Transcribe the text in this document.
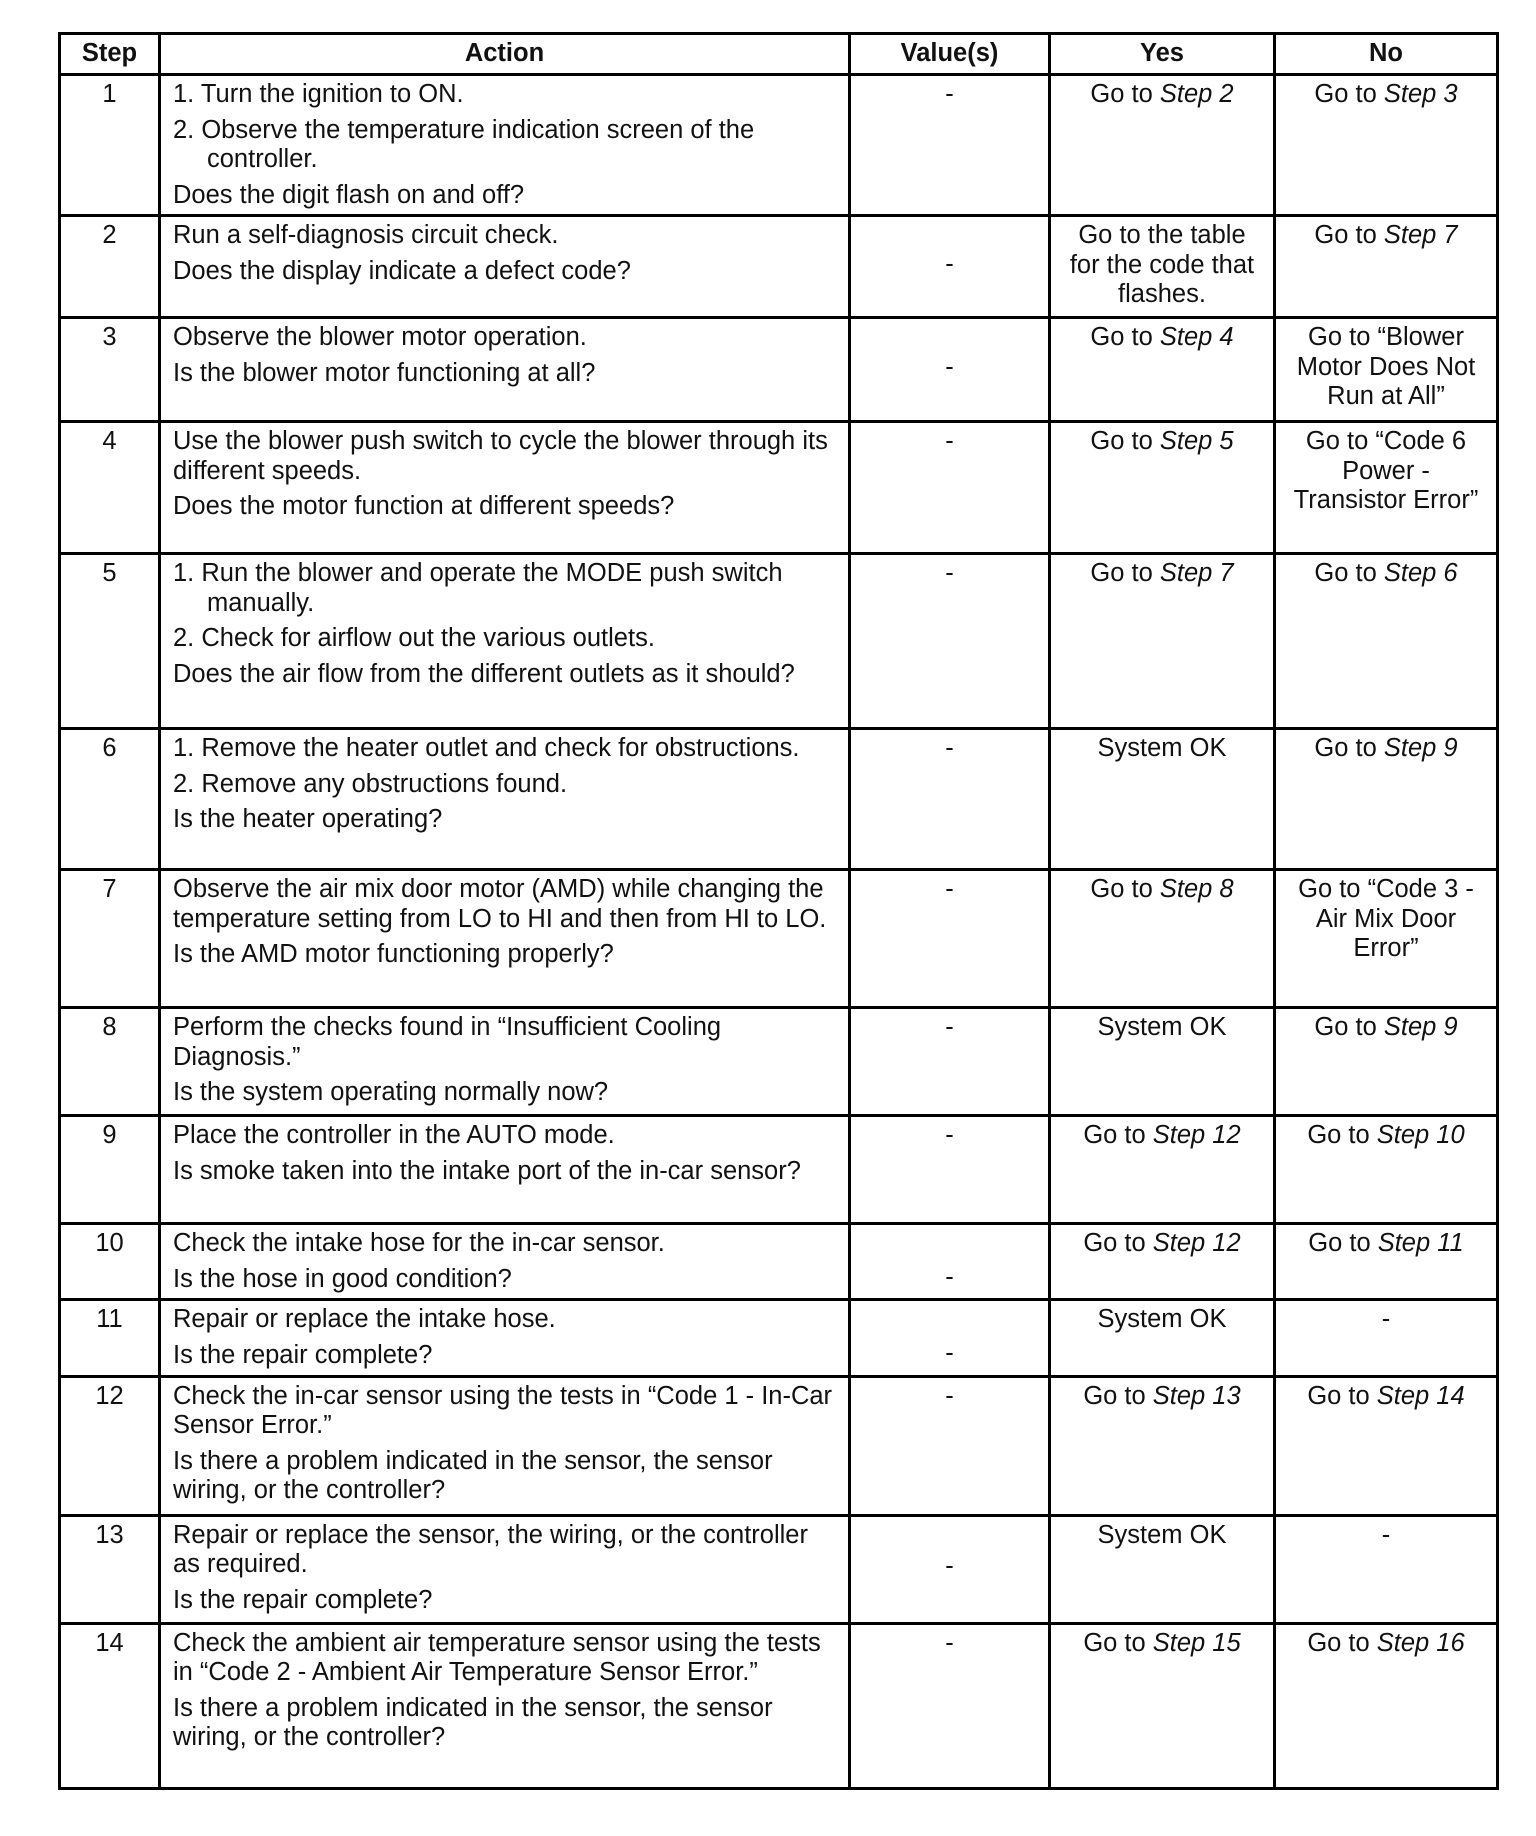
Step	Action	Value(s)	Yes	No
1	1. Turn the ignition to ON.
2. Observe the temperature indication screen of the controller.
Does the digit flash on and off?	-	Go to Step 2	Go to Step 3
2	Run a self-diagnosis circuit check.
Does the display indicate a defect code?	-	Go to the table for the code that flashes.	Go to Step 7
3	Observe the blower motor operation.
Is the blower motor functioning at all?	-	Go to Step 4	Go to “Blower Motor Does Not Run at All”
4	Use the blower push switch to cycle the blower through its different speeds.
Does the motor function at different speeds?	-	Go to Step 5	Go to “Code 6 Power - Transistor Error”
5	1. Run the blower and operate the MODE push switch manually.
2. Check for airflow out the various outlets.
Does the air flow from the different outlets as it should?	-	Go to Step 7	Go to Step 6
6	1. Remove the heater outlet and check for obstructions.
2. Remove any obstructions found.
Is the heater operating?	-	System OK	Go to Step 9
7	Observe the air mix door motor (AMD) while changing the temperature setting from LO to HI and then from HI to LO.
Is the AMD motor functioning properly?	-	Go to Step 8	Go to “Code 3 - Air Mix Door Error”
8	Perform the checks found in “Insufficient Cooling Diagnosis.”
Is the system operating normally now?	-	System OK	Go to Step 9
9	Place the controller in the AUTO mode.
Is smoke taken into the intake port of the in-car sensor?	-	Go to Step 12	Go to Step 10
10	Check the intake hose for the in-car sensor.
Is the hose in good condition?	-	Go to Step 12	Go to Step 11
11	Repair or replace the intake hose.
Is the repair complete?	-	System OK	-
12	Check the in-car sensor using the tests in “Code 1 - In-Car Sensor Error.”
Is there a problem indicated in the sensor, the sensor wiring, or the controller?	-	Go to Step 13	Go to Step 14
13	Repair or replace the sensor, the wiring, or the controller as required.
Is the repair complete?	-	System OK	-
14	Check the ambient air temperature sensor using the tests in “Code 2 - Ambient Air Temperature Sensor Error.”
Is there a problem indicated in the sensor, the sensor wiring, or the controller?	-	Go to Step 15	Go to Step 16
